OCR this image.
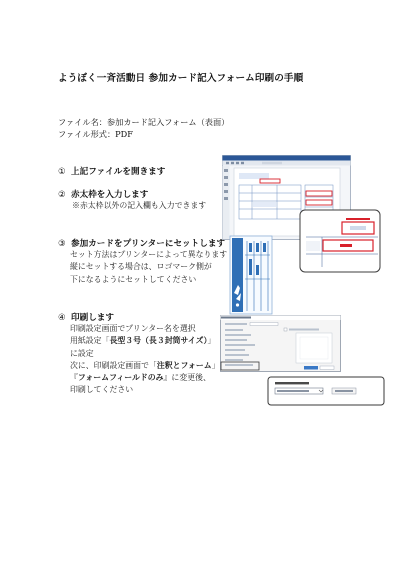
ようぼく一斉活動日 参加カード記入フォーム印刷の手順
ファイル名：参加カード記入フォーム（表面）
ファイル形式：PDF
① 上記ファイルを開きます
② 赤太枠を入力します
※赤太枠以外の記入欄も入力できます
③ 参加カードをプリンターにセットします
セット方法はプリンターによって異なります
縦にセットする場合は、ロゴマーク側が
下になるようにセットしてください
④ 印刷します
印刷設定画面でプリンター名を選択
用紙設定「長型３号（長３封筒サイズ）」
に設定
次に、印刷設定画面で「注釈とフォーム」
『フォームフィールドのみ』に変更後、
印刷してください
